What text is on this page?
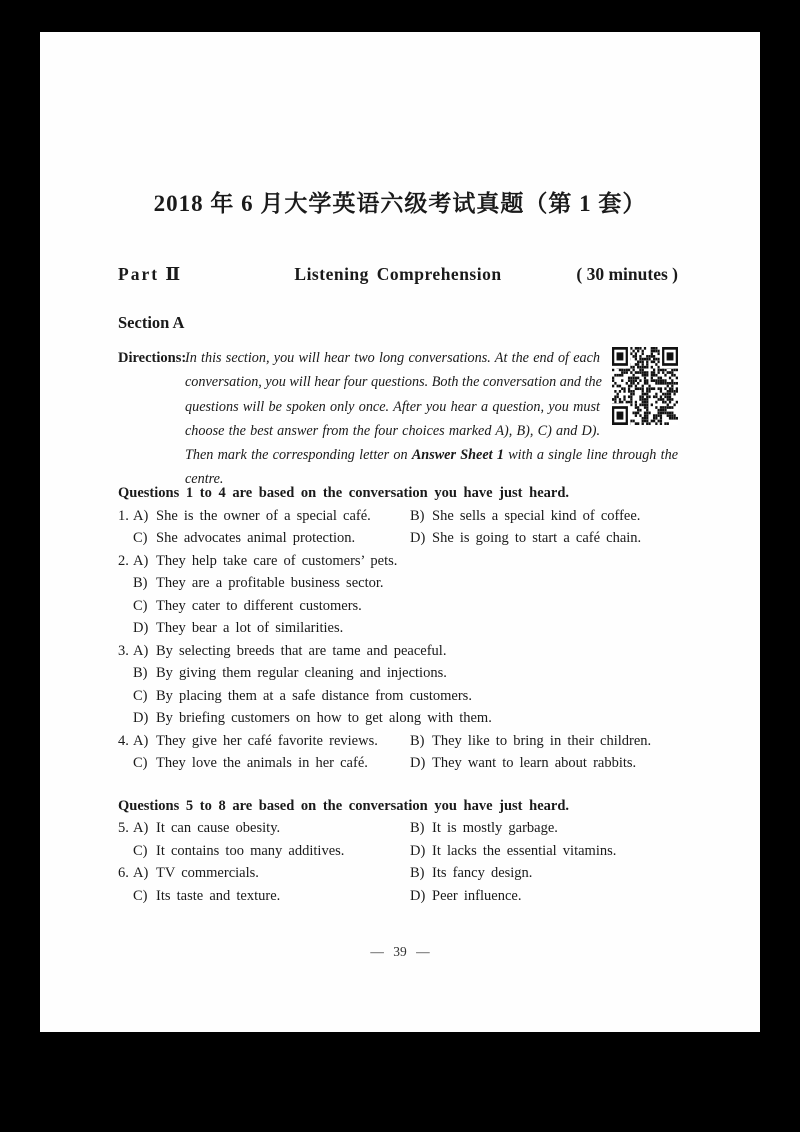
2018 年 6 月大学英语六级考试真题（第 1 套）
Listening Comprehension
Part Ⅱ	( 30 minutes )
Section A
Directions:
In this section, you will hear two long conversations. At the end of each
conversation, you will hear four questions. Both the conversation and the
questions will be spoken only once. After you hear a question, you must
choose the best answer from the four choices marked A), B), C) and D).
Then mark the corresponding letter on Answer Sheet 1 with a single line through the centre.
Questions 1 to 4 are based on the conversation you have just heard.
1. A) She is the owner of a special café.	B) She sells a special kind of coffee.
C) She advocates animal protection.	D) She is going to start a café chain.
2. A) They help take care of customers’ pets.
B) They are a profitable business sector.
C) They cater to different customers.
D) They bear a lot of similarities.
3. A) By selecting breeds that are tame and peaceful.
B) By giving them regular cleaning and injections.
C) By placing them at a safe distance from customers.
D) By briefing customers on how to get along with them.
4. A) They give her café favorite reviews.	B) They like to bring in their children.
C) They love the animals in her café.	D) They want to learn about rabbits.
Questions 5 to 8 are based on the conversation you have just heard.
5. A) It can cause obesity.	B) It is mostly garbage.
C) It contains too many additives.	D) It lacks the essential vitamins.
6. A) TV commercials.	B) Its fancy design.
C) Its taste and texture.	D) Peer influence.
— 39 —
